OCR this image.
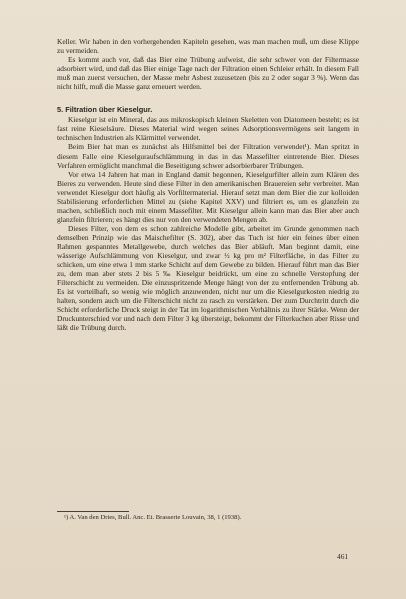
Keller. Wir haben in den vorhergehenden Kapiteln gesehen, was man machen muß, um diese Klippe zu vermeiden.

Es kommt auch vor, daß das Bier eine Trübung aufweist, die sehr schwer von der Filtermasse adsorbiert wird, und daß das Bier einige Tage nach der Filtration einen Schleier erhält. In diesem Fall muß man zuerst versuchen, der Masse mehr Asbest zuzusetzen (bis zu 2 oder sogar 3 %). Wenn das nicht hilft, muß die Masse ganz erneuert werden.

5. Filtration über Kieselgur.

Kieselgur ist ein Mineral, das aus mikroskopisch kleinen Skeletten von Diatomeen besteht; es ist fast reine Kieselsäure. Dieses Material wird wegen seines Adsorptionsvermögens seit langem in technischen Industrien als Klärmittel verwendet.

Beim Bier hat man es zunächst als Hilfsmittel bei der Filtration verwendet¹). Man spritzt in diesem Falle eine Kieselguraufschlämmung in das in das Massefilter eintretende Bier. Dieses Verfahren ermöglicht manchmal die Beseitigung schwer adsorbierbarer Trübungen.

Vor etwa 14 Jahren hat man in England damit begonnen, Kieselgurfilter allein zum Klären des Bieres zu verwenden. Heute sind diese Filter in den amerikanischen Brauereien sehr verbreitet. Man verwendet Kieselgur dort häufig als Vorfiltermaterial. Hierauf setzt man dem Bier die zur kolloiden Stabilisierung erforderlichen Mittel zu (siehe Kapitel XXV) und filtriert es, um es glanzfein zu machen, schließlich noch mit einem Massefilter. Mit Kieselgur allein kann man das Bier aber auch glanzfein filtrieren; es hängt dies nur von den verwendeten Mengen ab.

Dieses Filter, von dem es schon zahlreiche Modelle gibt, arbeitet im Grunde genommen nach demselben Prinzip wie das Maischefilter (S. 302), aber das Tuch ist hier ein feines über einen Rahmen gespanntes Metallgewebe, durch welches das Bier abläuft. Man beginnt damit, eine wässerige Aufschlämmung von Kieselgur, und zwar ½ kg pro m² Filterfläche, in das Filter zu schicken, um eine etwa 1 mm starke Schicht auf dem Gewebe zu bilden. Hierauf führt man das Bier zu, dem man aber stets 2 bis 5 ‰ Kieselgur beidrückt, um eine zu schnelle Verstopfung der Filterschicht zu vermeiden. Die einzuspritzende Menge hängt von der zu entfernenden Trübung ab. Es ist vorteilhaft, so wenig wie möglich anzuwenden, nicht nur um die Kieselgurkosten niedrig zu halten, sondern auch um die Filterschicht nicht zu rasch zu verstärken. Der zum Durchtritt durch die Schicht erforderliche Druck steigt in der Tat im logarithmischen Verhältnis zu ihrer Stärke. Wenn der Druckunterschied vor und nach dem Filter 3 kg übersteigt, bekommt der Filterkuchen aber Risse und läßt die Trübung durch.

¹) A. Van den Dries, Bull. Anc. Et. Brasserie Louvain, 38, 1 (1938).
461
